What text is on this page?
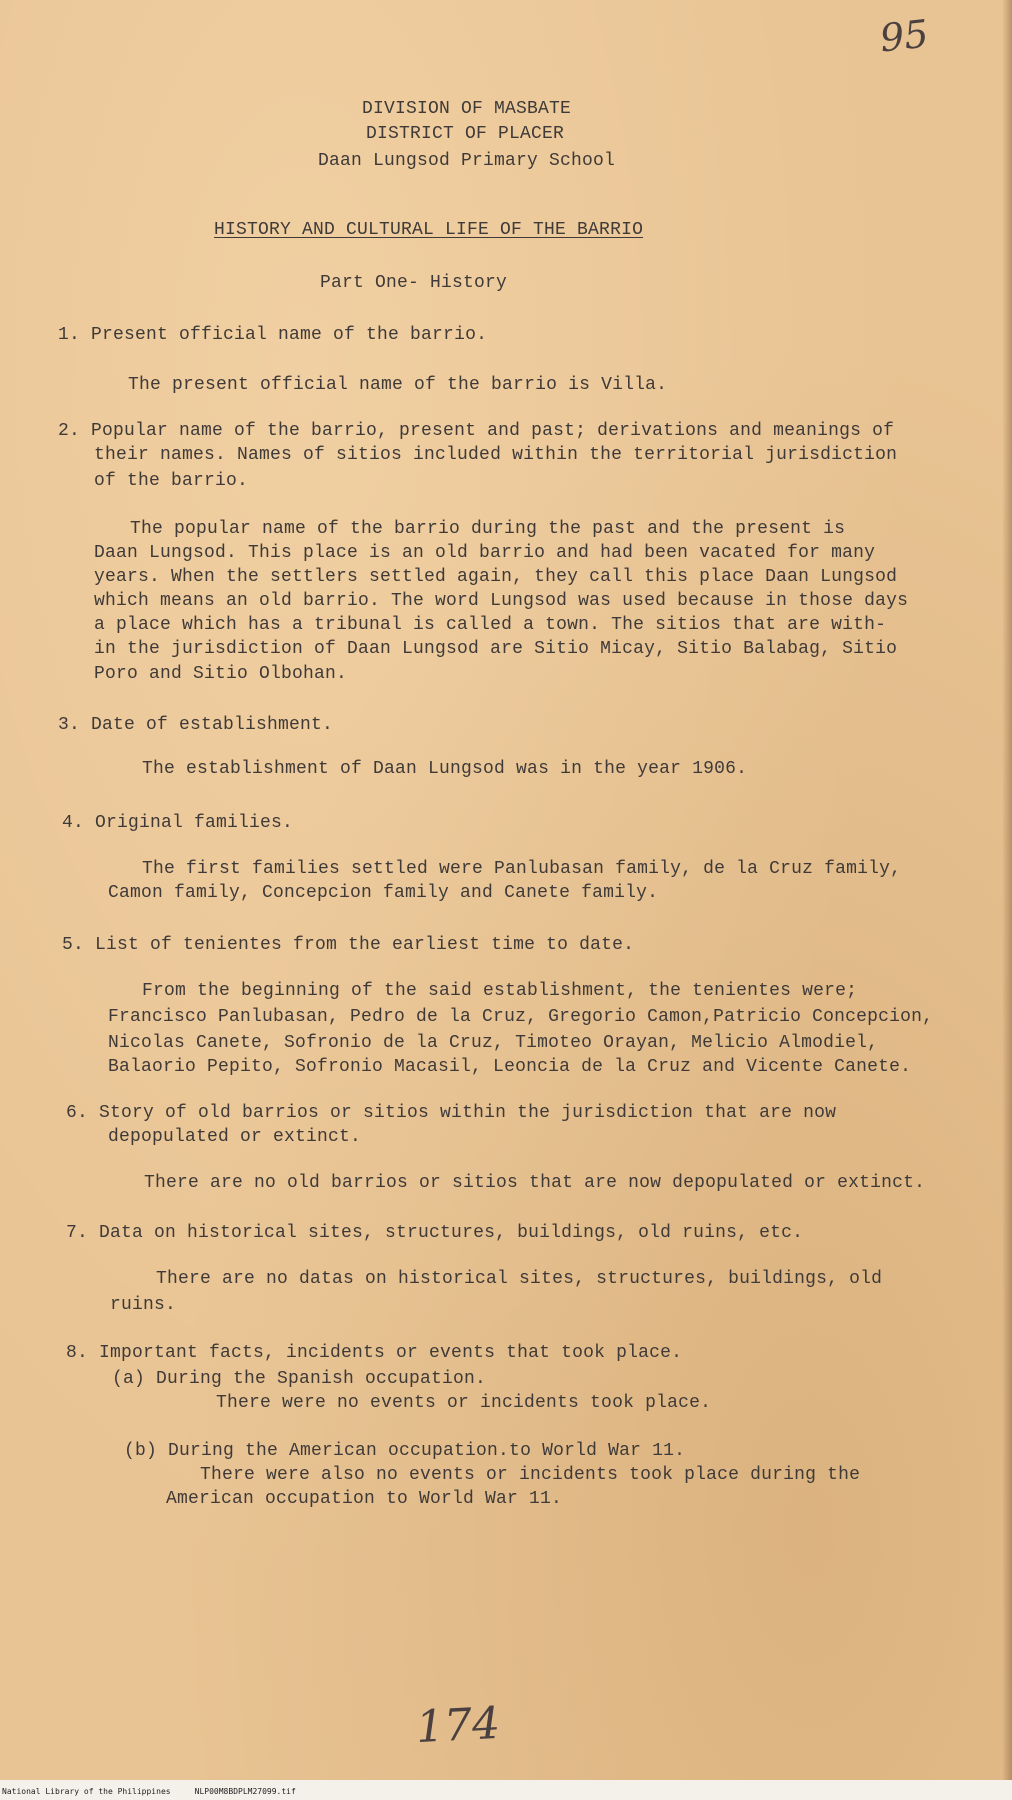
95
DIVISION OF MASBATE
DISTRICT OF PLACER
Daan Lungsod Primary School
HISTORY AND CULTURAL LIFE OF THE BARRIO
Part One- History
1. Present official name of the barrio.
The present official name of the barrio is Villa.
2. Popular name of the barrio, present and past; derivations and meanings of
their names. Names of sitios included within the territorial jurisdiction
of the barrio.
The popular name of the barrio during the past and the present is
Daan Lungsod. This place is an old barrio and had been vacated for many
years. When the settlers settled again, they call this place Daan Lungsod
which means an old barrio. The word Lungsod was used because in those days
a place which has a tribunal is called a town. The sitios that are with-
in the jurisdiction of Daan Lungsod are Sitio Micay, Sitio Balabag, Sitio
Poro and Sitio Olbohan.
3. Date of establishment.
The establishment of Daan Lungsod was in the year 1906.
4. Original families.
The first families settled were Panlubasan family, de la Cruz family,
Camon family, Concepcion family and Canete family.
5. List of tenientes from the earliest time to date.
From the beginning of the said establishment, the tenientes were;
Francisco Panlubasan, Pedro de la Cruz, Gregorio Camon,Patricio Concepcion,
Nicolas Canete, Sofronio de la Cruz, Timoteo Orayan, Melicio Almodiel,
Balaorio Pepito, Sofronio Macasil, Leoncia de la Cruz and Vicente Canete.
6. Story of old barrios or sitios within the jurisdiction that are now
depopulated or extinct.
There are no old barrios or sitios that are now depopulated or extinct.
7. Data on historical sites, structures, buildings, old ruins, etc.
There are no datas on historical sites, structures, buildings, old
ruins.
8. Important facts, incidents or events that took place.
(a) During the Spanish occupation.
There were no events or incidents took place.
(b) During the American occupation.to World War 11.
There were also no events or incidents took place during the
American occupation to World War 11.
174
National Library of the Philippines     NLP00M8BDPLM27099.tif
